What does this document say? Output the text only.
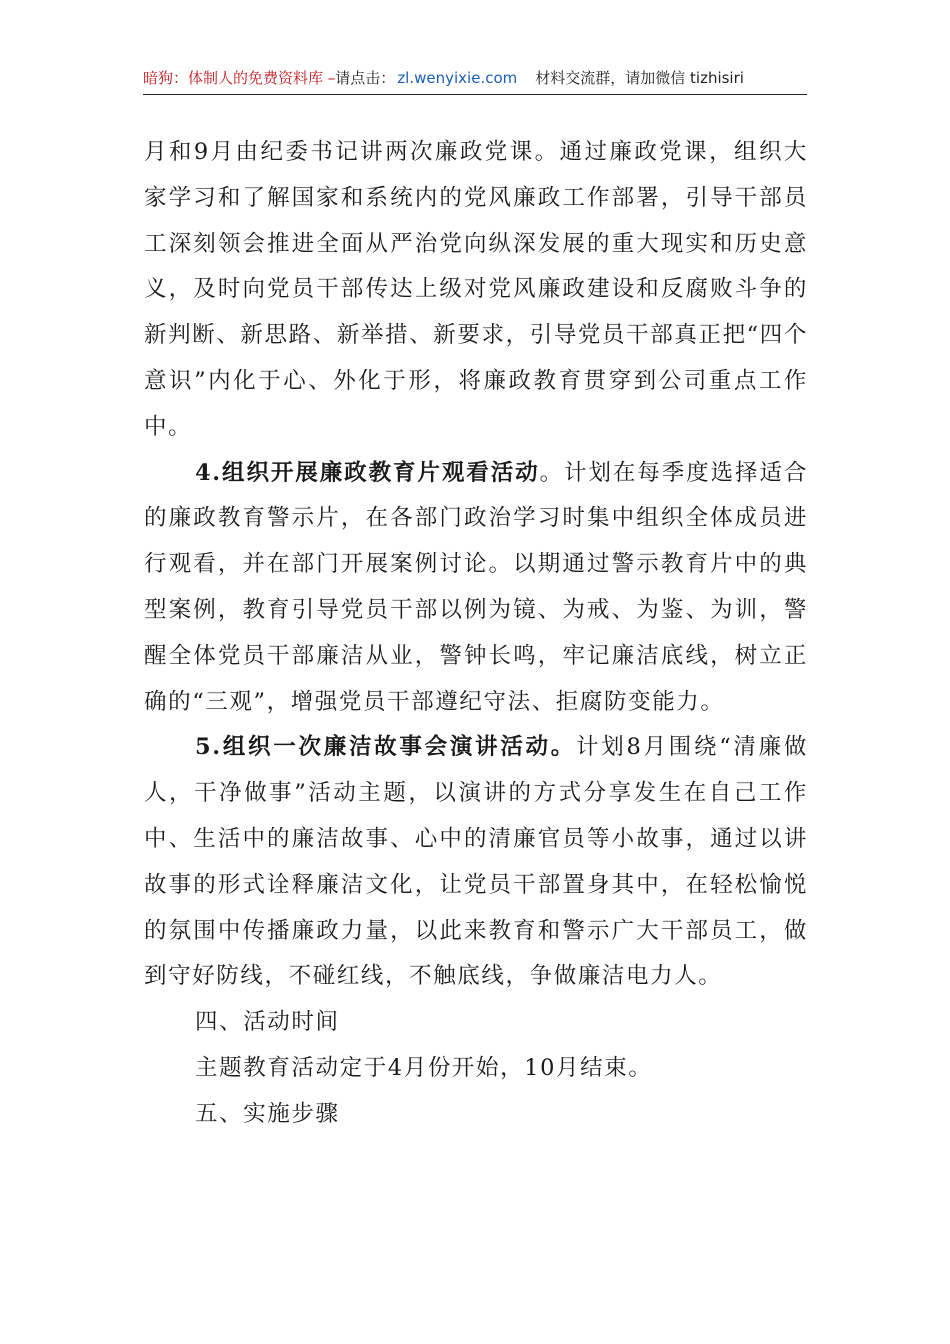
暗狗：体制人的免费资料库 –请点击： zl.wenyixie.com 材料交流群，请加微信 tizhisiri

月和9月由纪委书记讲两次廉政党课。通过廉政党课，组织大家学习和了解国家和系统内的党风廉政工作部署，引导干部员工深刻领会推进全面从严治党向纵深发展的重大现实和历史意义，及时向党员干部传达上级对党风廉政建设和反腐败斗争的新判断、新思路、新举措、新要求，引导党员干部真正把“四个意识”内化于心、外化于形，将廉政教育贯穿到公司重点工作中。

4.组织开展廉政教育片观看活动。计划在每季度选择适合的廉政教育警示片，在各部门政治学习时集中组织全体成员进行观看，并在部门开展案例讨论。以期通过警示教育片中的典型案例，教育引导党员干部以例为镜、为戒、为鉴、为训，警醒全体党员干部廉洁从业，警钟长鸣，牢记廉洁底线，树立正确的“三观”，增强党员干部遵纪守法、拒腐防变能力。

5.组织一次廉洁故事会演讲活动。计划8月围绕“清廉做人，干净做事”活动主题，以演讲的方式分享发生在自己工作中、生活中的廉洁故事、心中的清廉官员等小故事，通过以讲故事的形式诠释廉洁文化，让党员干部置身其中，在轻松愉悦的氛围中传播廉政力量，以此来教育和警示广大干部员工，做到守好防线，不碰红线，不触底线，争做廉洁电力人。

四、活动时间

主题教育活动定于4月份开始，10月结束。

五、实施步骤
